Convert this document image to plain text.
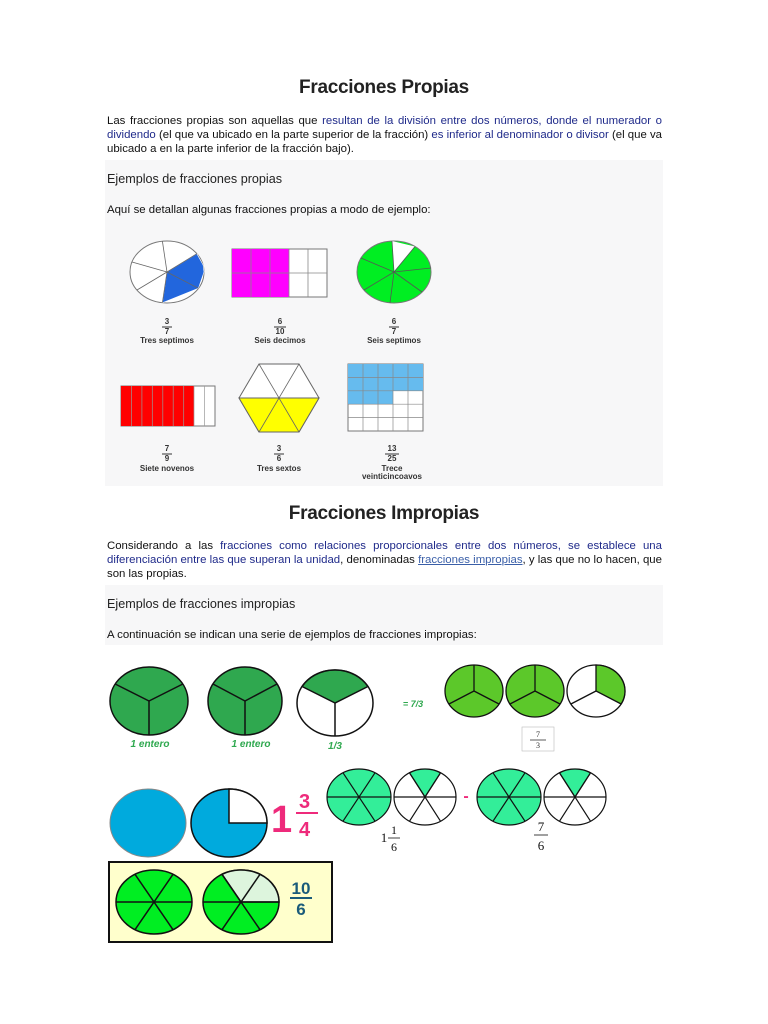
Fracciones Propias
Las fracciones propias son aquellas que resultan de la división entre dos números, donde el numerador o dividendo (el que va ubicado en la parte superior de la fracción) es inferior al denominador o divisor (el que va ubicado a en la parte inferior de la fracción bajo).
Ejemplos de fracciones propias
Aquí se detallan algunas fracciones propias a modo de ejemplo:
3
7
Tres septimos
6
10
Seis decimos
6
7
Seis septimos
7
9
Siete novenos
3
6
Tres sextos
13
25
Trece
veinticincoavos
Fracciones Impropias
Considerando a las fracciones como relaciones proporcionales entre dos números, se establece una diferenciación entre las que superan la unidad, denominadas fracciones impropias, y las que no lo hacen, que son las propias.
Ejemplos de fracciones impropias
A continuación se indican una serie de ejemplos de fracciones impropias:
1 entero	1 entero	1/3
= 7/3
7
3
1 3
4
-
1 1
6
7
6
10
6
